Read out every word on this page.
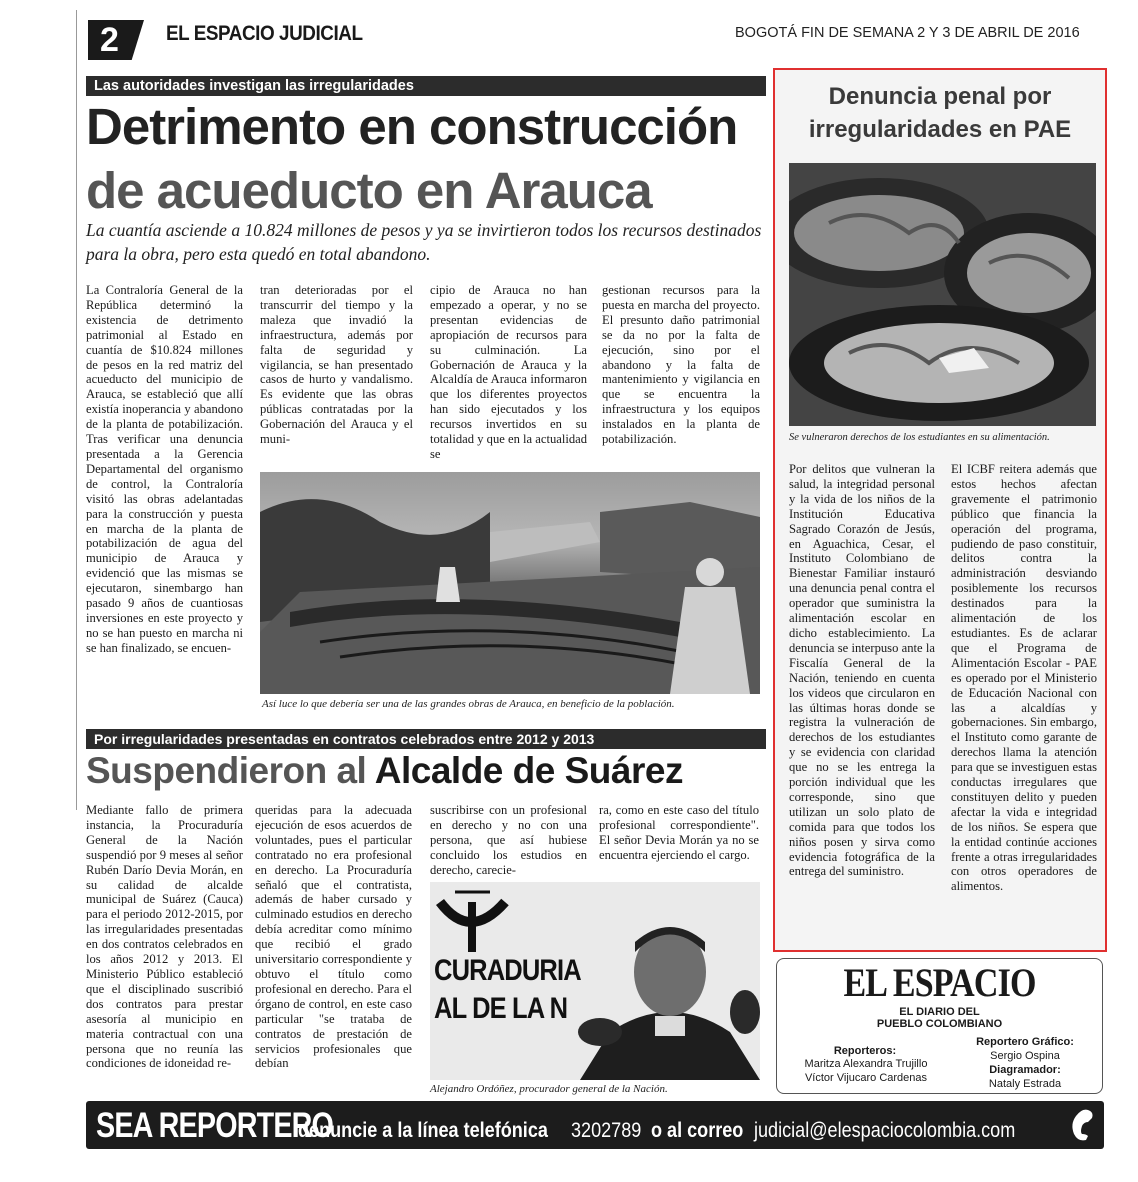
2 EL ESPACIO JUDICIAL	BOGOTÁ FIN DE SEMANA 2 Y 3 DE ABRIL DE 2016
Las autoridades investigan las irregularidades
Detrimento en construcción
de acueducto en Arauca
La cuantía asciende a 10.824 millones de pesos y ya se invirtieron todos los recursos destinados para la obra, pero esta quedó en total abandono.
La Contraloría General de la República determinó la existencia de detrimento patrimonial al Estado en cuantía de $10.824 millones de pesos en la red matriz del acueducto del municipio de Arauca, se estableció que allí existía inoperancia y abandono de la planta de potabilización. Tras verificar una denuncia presentada a la Gerencia Departamental del organismo de control, la Contraloría visitó las obras adelantadas para la construcción y puesta en marcha de la planta de potabilización de agua del municipio de Arauca y evidenció que las mismas se ejecutaron, sinembargo han pasado 9 años de cuantiosas inversiones en este proyecto y no se han puesto en marcha ni se han finalizado, se encuen-
tran deterioradas por el transcurrir del tiempo y la maleza que invadió la infraestructura, además por falta de seguridad y vigilancia, se han presentado casos de hurto y vandalismo. Es evidente que las obras públicas contratadas por la Gobernación del Arauca y el muni-
cipio de Arauca no han empezado a operar, y no se presentan evidencias de apropiación de recursos para su culminación. La Gobernación de Arauca y la Alcaldía de Arauca informaron que los diferentes proyectos han sido ejecutados y los recursos invertidos en su totalidad y que en la actualidad se
gestionan recursos para la puesta en marcha del proyecto. El presunto daño patrimonial se da no por la falta de ejecución, sino por el abandono y la falta de mantenimiento y vigilancia en que se encuentra la infraestructura y los equipos instalados en la planta de potabilización.
Así luce lo que debería ser una de las grandes obras de Arauca, en beneficio de la población.
Por irregularidades presentadas en contratos celebrados entre 2012 y 2013
Suspendieron al Alcalde de Suárez
Mediante fallo de primera instancia, la Procuraduría General de la Nación suspendió por 9 meses al señor Rubén Darío Devia Morán, en su calidad de alcalde municipal de Suárez (Cauca) para el periodo 2012-2015, por las irregularidades presentadas en dos contratos celebrados en los años 2012 y 2013. El Ministerio Público estableció que el disciplinado suscribió dos contratos para prestar asesoría al municipio en materia contractual con una persona que no reunía las condiciones de idoneidad re-
queridas para la adecuada ejecución de esos acuerdos de voluntades, pues el particular contratado no era profesional en derecho. La Procuraduría señaló que el contratista, además de haber cursado y culminado estudios en derecho debía acreditar como mínimo que recibió el grado universitario correspondiente y obtuvo el título como profesional en derecho. Para el órgano de control, en este caso particular "se trataba de contratos de prestación de servicios profesionales que debían
suscribirse con un profesional en derecho y no con una persona, que así hubiese concluido los estudios en derecho, carecie-
ra, como en este caso del título profesional correspondiente". El señor Devia Morán ya no se encuentra ejerciendo el cargo.
CURADURIA
AL DE LA N
Alejandro Ordóñez, procurador general de la Nación.
Denuncia penal por
irregularidades en PAE
Se vulneraron derechos de los estudiantes en su alimentación.
Por delitos que vulneran la salud, la integridad personal y la vida de los niños de la Institución Educativa Sagrado Corazón de Jesús, en Aguachica, Cesar, el Instituto Colombiano de Bienestar Familiar instauró una denuncia penal contra el operador que suministra la alimentación escolar en dicho establecimiento. La denuncia se interpuso ante la Fiscalía General de la Nación, teniendo en cuenta los videos que circularon en las últimas horas donde se registra la vulneración de derechos de los estudiantes y se evidencia con claridad que no se les entrega la porción individual que les corresponde, sino que utilizan un solo plato de comida para que todos los niños posen y sirva como evidencia fotográfica de la entrega del suministro.
El ICBF reitera además que estos hechos afectan gravemente el patrimonio público que financia la operación del programa, pudiendo de paso constituir, delitos contra la administración desviando posiblemente los recursos destinados para la alimentación de los estudiantes. Es de aclarar que el Programa de Alimentación Escolar - PAE es operado por el Ministerio de Educación Nacional con las a alcaldías y gobernaciones. Sin embargo, el Instituto como garante de derechos llama la atención para que se investiguen estas conductas irregulares que constituyen delito y pueden afectar la vida e integridad de los niños. Se espera que la entidad continúe acciones frente a otras irregularidades con otros operadores de alimentos.
EL ESPACIO
EL DIARIO DEL
PUEBLO COLOMBIANO
Reporteros:
Maritza Alexandra Trujillo
Víctor Vijucaro Cardenas
Reportero Gráfico:
Sergio Ospina
Diagramador:
Nataly Estrada
SEA REPORTERO denuncie a la línea telefónica 3202789 o al correo judicial@elespaciocolombia.com
